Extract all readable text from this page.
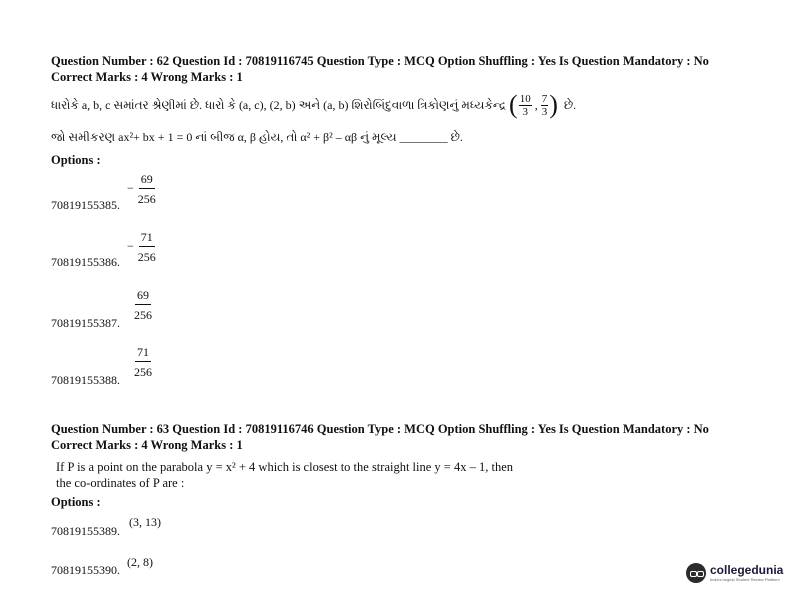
Question Number : 62 Question Id : 70819116745 Question Type : MCQ Option Shuffling : Yes Is Question Mandatory : No
Correct Marks : 4 Wrong Marks : 1
ધારોકે a, b, c સમાંતર શ્રેણીમાં છે. ધારો કે (a, c), (2, b) અને (a, b) શિરોબિંદુવાળા ત્રિકોણનું મધ્યકેન્દ્ર ( $\frac{10}{3}$ , $\frac{7}{3}$ ) છે.
જો સમીકરણ ax²+ bx + 1 = 0 નાં બીજ α, β હોય, તો α² + β² – αβ નું મૂલ્ય ________ છે.
Options :
− $\frac{69}{256}$
70819155385.
− $\frac{71}{256}$
70819155386.
$\frac{69}{256}$
70819155387.
$\frac{71}{256}$
70819155388.
Question Number : 63 Question Id : 70819116746 Question Type : MCQ Option Shuffling : Yes Is Question Mandatory : No
Correct Marks : 4 Wrong Marks : 1
If P is a point on the parabola y = x² + 4 which is closest to the straight line y = 4x – 1, then
the co-ordinates of P are :
Options :
(3, 13)
70819155389.
(2, 8)
70819155390.	collegedunia
India's largest Student Review Platform
